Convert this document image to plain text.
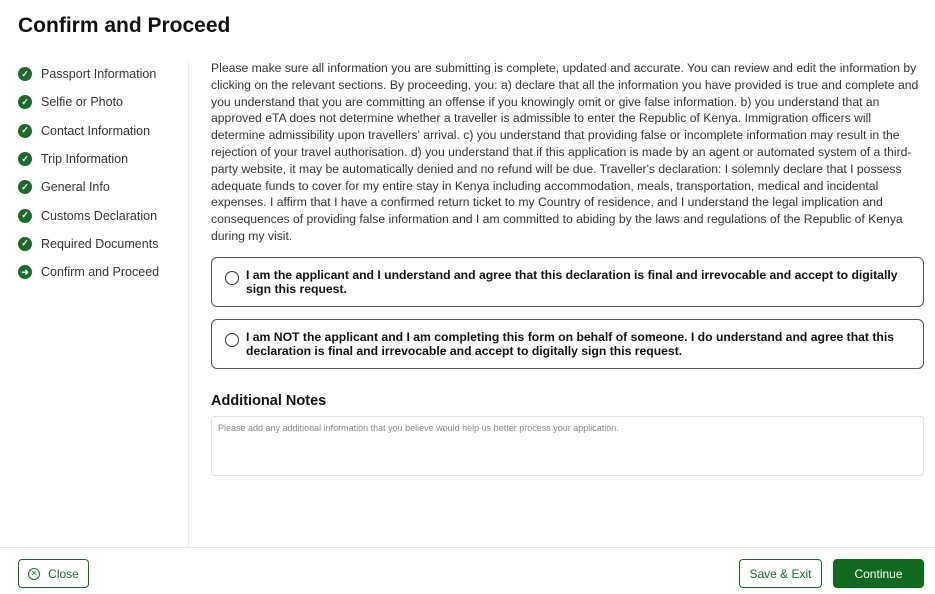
Confirm and Proceed
✓ Passport Information
✓ Selfie or Photo
✓ Contact Information
✓ Trip Information
✓ General Info
✓ Customs Declaration
✓ Required Documents
➜ Confirm and Proceed

Please make sure all information you are submitting is complete, updated and accurate. You can review and edit the information by clicking on the relevant sections. By proceeding, you: a) declare that all the information you have provided is true and complete and you understand that you are committing an offense if you knowingly omit or give false information. b) you understand that an approved eTA does not determine whether a traveller is admissible to enter the Republic of Kenya. Immigration officers will determine admissibility upon travellers' arrival. c) you understand that providing false or incomplete information may result in the rejection of your travel authorisation. d) you understand that if this application is made by an agent or automated system of a third-party website, it may be automatically denied and no refund will be due. Traveller's declaration: I solemnly declare that I possess adequate funds to cover for my entire stay in Kenya including accommodation, meals, transportation, medical and incidental expenses. I affirm that I have a confirmed return ticket to my Country of residence, and I understand the legal implication and consequences of providing false information and I am committed to abiding by the laws and regulations of the Republic of Kenya during my visit.

I am the applicant and I understand and agree that this declaration is final and irrevocable and accept to digitally sign this request.
I am NOT the applicant and I am completing this form on behalf of someone. I do understand and agree that this declaration is final and irrevocable and accept to digitally sign this request.
Additional Notes
Please add any additional information that you believe would help us better process your application.
✕ Close	Save & Exit	Continue
